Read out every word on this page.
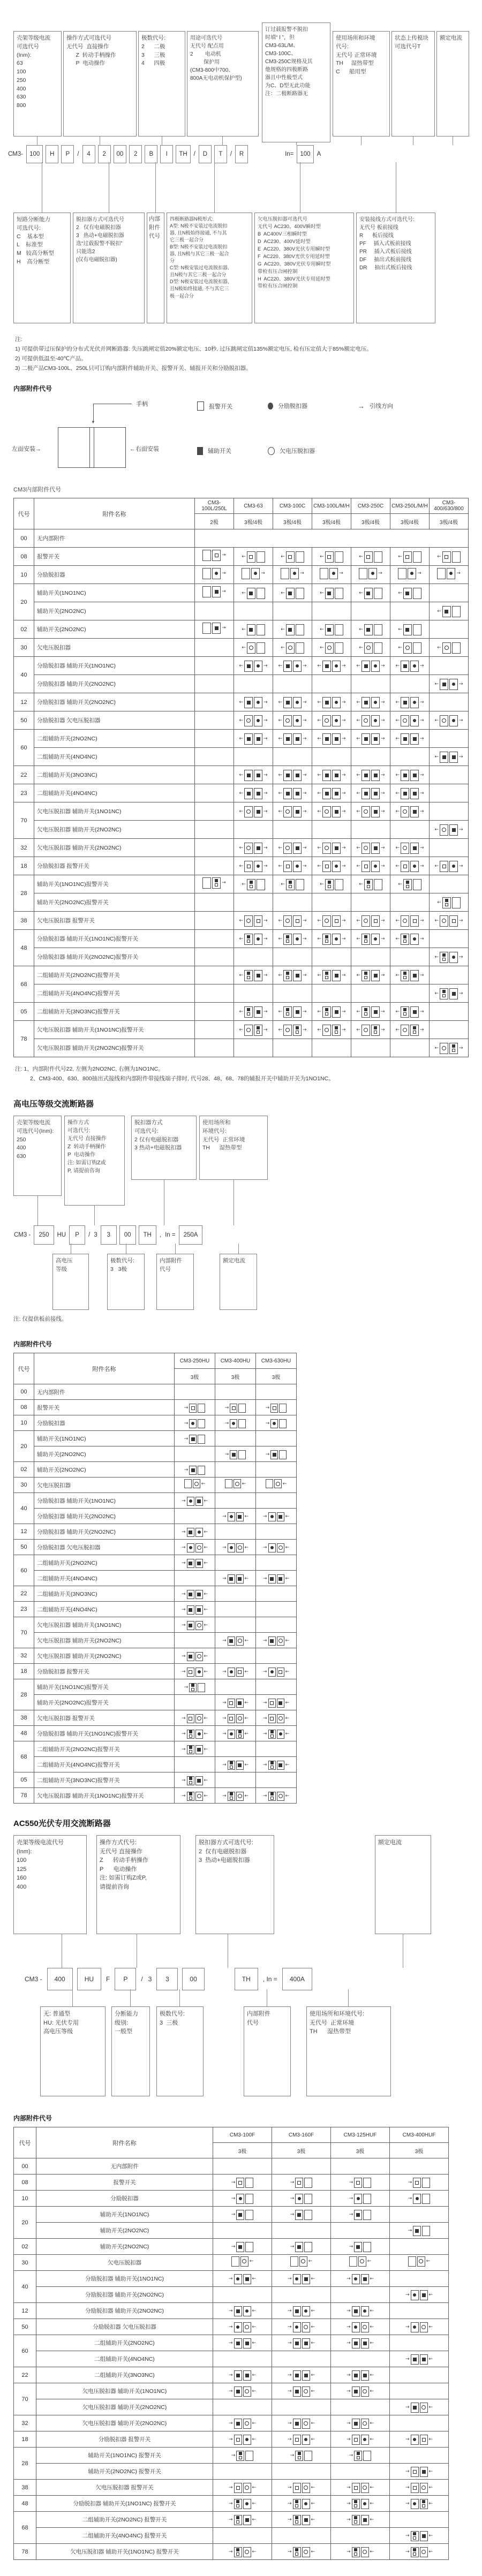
壳架等级电流
可选代号
(Inm):
63
100
250
400
630
800
操作方式可选代号
无代号  直接操作
Z  转动手柄操作
P  电动操作
极数代号:
2      二极
3      三极
4      四极
用途可选代号
无代号 配点用
2        电动机
保护用
(CM3-800中700、
800A无电动机保护型)
订过载报警不脱扣
时填“ I ”，但
CM3-63L/M、
CM3-100C、
CM3-250C规格及其
他规格的四极断路
器且中性极型式
为C、D型无此功能
注：二极断路器无
使用场所和环境
代号:
无代号 正常环境
TH     湿热带型
C      船用型
状态上传模块
可选代号T
额定电流
CM3-	100	H	P	/	4	2	00	2	B	I	TH	/	D	T	/	R	In=	100	A
短路分断能力
可选代号:
C    基本型
L    标准型
M   较高分断型
H    高分断型
脱扣器方式可选代号
2   仅有电磁脱扣器
3   热动+电磁脱扣器
选“过载报警不脱扣”
只能选2
(仅有电磁脱扣器)
内部
附件
代号
四极断路器N极形式:
A型: N极不安装过电流脱扣
器, 且N极始终接通, 不与其
它三极一起合分
B型: N极不安装过电流脱扣
器, 且N极与其它三极一起合
分
C型: N极安装过电流脱扣器,
且N极与其它三极一起合分
D型: N极安装过电流脱扣器,
且N极始终接通, 不与其它三
极一起合分
欠电压脱扣器可选代号
无代号 AC230、400V瞬时型
B  AC400V三相瞬时型
D  AC230、400V延时型
E  AC220、380V光伏专用瞬时型
F  AC220、380V光伏专用延时型
G  AC220、380V光伏专用瞬时型
带检有压合闸控制
H  AC220、380V光伏专用延时型
带检有压合闸控制
安装接线方式可选代号:
无代号 板前接线
R      板后接线
PF     插入式板前接线
PR     插入式板后接线
DF     抽出式板前接线
DR     抽出式板后接线
注:
1) 可提供带过压保护的分布式光伏并网断路器: 失压跳闸定值20%额定电压、10秒, 过压跳闸定值135%额定电压, 检有压定值大于85%额定电压。
2) 可提供低温至-40℃产品。
3) 二极产品CM3-100L、250L只可订购内部附件辅助开关、报警开关、辅报开关和分励脱扣器。
内部附件代号
手柄
▼
左面安装→	←右面安装
报警开关	分励脱扣器	→ 引线方向
辅助开关	欠电压脱扣器
CM3内部附件代号
代号	附件名称	CM3-100L/250L	CM3-63	CM3-100C	CM3-100L/M/H	CM3-250C	CM3-250L/M/H	CM3-400/630/800
		2极	3极/4极	3极/4极	3极/4极	3极/4极	3极/4极	3极/4极
00	无内部附件							
08	报警开关	→	←	←	←	←	←	←

10	分励脱扣器	→	→	→	→	→	→	→

20	辅助开关(1NO1NC)	→	←	←	←	←	←	

	辅助开关(2NO2NC)							←

02	辅助开关(2NO2NC)	→	←	←	←	←	←	

30	欠电压脱扣器		←	←	←	←	←	←

40	分励脱扣器 辅助开关(1NO1NC)		← →	← →	← →	← →	← →	

	分励脱扣器 辅助开关(2NO2NC)							← →

12	分励脱扣器 辅助开关(2NO2NC)		← →	← →	← →	← →	← →	

50	分励脱扣器 欠电压脱扣器		← →	← →	← →	← →	← →	← →

60	二组辅助开关(2NO2NC)		← →	← →	← →	← →	← →	

	二组辅助开关(4NO4NC)							← →

22	二组辅助开关(3NO3NC)		← →	← →	← →	← →	← →	

23	二组辅助开关(4NO4NC)		← →	← →	← →	← →	← →	

70	欠电压脱扣器 辅助开关(1NO1NC)		← →	← →	← →	← →	← →	

	欠电压脱扣器 辅助开关(2NO2NC)							← →

32	欠电压脱扣器 辅助开关(2NO2NC)		← →	← →	← →	← →	← →	

18	分励脱扣器 报警开关		← →	← →	← →	← →	← →	← →

28	辅助开关(1NO1NC)报警开关	→	←	←	←	←	←	

	辅助开关(2NO2NC)报警开关							←

38	欠电压脱扣器 报警开关		← →	← →	← →	← →	← →	← →

48	分励脱扣器 辅助开关(1NO1NC)报警开关		← →	← →	← →	← →	← →	

	分励脱扣器 辅助开关(2NO2NC)报警开关							← →

68	二组辅助开关(2NO2NC)报警开关		← →	← →	← →	← →	← →	

	二组辅助开关(4NO4NC)报警开关							← →

05	二组辅助开关(3NO3NC)报警开关		← →	← →	← →	← →	← →	

78	欠电压脱扣器 辅助开关(1NO1NC)报警开关		← →	← →	← →	← →	← →	

	欠电压脱扣器 辅助开关(2NO2NC)报警开关							← →
注: 1、内部附件代号22, 左侧为2NO2NC, 右侧为1NO1NC。
2、CM3-400、630、800抽出式接线和内部附件带接线端子排时, 代号28、48、68、78的辅报开关中辅助开关为1NO1NC。
高电压等级交流断路器
壳架等级电流
可选代号(Inm):
250
400
630
操作方式
可选代号:
无代号 直接操作
Z  转动手柄操作
P  电动操作
注: 如需订购Z或
P, 请提前咨询
脱扣器方式
可选代号:
2 仅有电磁脱扣器
3 热动+电磁脱扣器
使用场所和
环境代号:
无代号  正常环境
TH      湿热带型
CM3 -	250	HU	P	/ 3	3	00	TH	, In =	250A
高电压
等级
极数代号:
3   3极
内部附件
代号
额定电流
注: 仅提供板前接线。
内部附件代号
代号	附件名称	CM3-250HU	CM3-400HU	CM3-630HU
		3极	3极	3极
00	无内部附件			
08	报警开关	→	→	→

10	分励脱扣器	→	→	→

20	辅助开关(1NO1NC)	→		

	辅助开关(2NO2NC)		→	→

02	辅助开关(2NO2NC)	→		

30	欠电压脱扣器	←	←	←

40	分励脱扣器 辅助开关(1NO1NC)	→ ←		

	分励脱扣器 辅助开关(2NO2NC)		→ ←	→ ←

12	分励脱扣器 辅助开关(2NO2NC)	→ ←		

50	分励脱扣器 欠电压脱扣器	→ ←	→ ←	→ ←

60	二组辅助开关(2NO2NC)	→ ←		

	二组辅助开关(4NO4NC)		→ ←	→ ←

22	二组辅助开关(3NO3NC)	→ ←		

23	二组辅助开关(4NO4NC)	→ ←		

70	欠电压脱扣器 辅助开关(1NO1NC)	→ ←		

	欠电压脱扣器 辅助开关(2NO2NC)		→ ←	→ ←

32	欠电压脱扣器 辅助开关(2NO2NC)	→ ←		

18	分励脱扣器 报警开关	→ ←	→ ←	→ ←

28	辅助开关(1NO1NC)报警开关	→		

	辅助开关(2NO2NC)报警开关		→ ←	→ ←

38	欠电压脱扣器 报警开关	→ ←	→ ←	→ ←

48	分励脱扣器 辅助开关(1NO1NC)报警开关	→ ←	→ ←	→ ←

68	二组辅助开关(2NO2NC)报警开关	→ ←		

	二组辅助开关(4NO4NC)报警开关		→ ←	→ ←

05	二组辅助开关(3NO3NC)报警开关	→ ←		

78	欠电压脱扣器 辅助开关(1NO1NC)报警开关	→ ←	→ ←	→ ←
AC550光伏专用交流断路器
壳架等级电流代号
(Inm):
100
125
160
400
操作方式代号:
无代号 直接操作
Z      转动手柄操作
P      电动操作
注: 如需订购Z或P,
请提前咨询
脱扣器方式可选代号:
2  仅有电磁脱扣器
3  热动+电磁脱扣器
额定电流
CM3 -	400	HU	F	P	/ 3	3	00	TH	, In =	400A
无: 普通型
HU: 光伏专用
高电压等级
分断能力
级别:
一般型
极数代号:
3  三极
内部附件
代号
使用场所和环境代号:
无代号  正常环境
TH      湿热带型
内部附件代号
代号	附件名称	CM3-100F	CM3-160F	CM3-125HUF	CM3-400HUF
		3极	3极	3极	3极
00	无内部附件				
08	报警开关	→	→	→	→

10	分励脱扣器	→	→	→	→

20	辅助开关(1NO1NC)	→	→	→	

	辅助开关(2NO2NC)				→

02	辅助开关(2NO2NC)	→	→	→	

30	欠电压脱扣器	←	←	←	←

40	分励脱扣器 辅助开关(1NO1NC)	→ ←	→ ←	→ ←	

	分励脱扣器 辅助开关(2NO2NC)				→ ←

12	分励脱扣器 辅助开关(2NO2NC)	→ ←	→ ←	→ ←	

50	分励脱扣器 欠电压脱扣器	→ ←	→ ←	→ ←	→ ←

60	二组辅助开关(2NO2NC)	→ ←	→ ←	→ ←	

	二组辅助开关(4NO4NC)				→ ←

22	二组辅助开关(3NO3NC)	→ ←	→ ←	→ ←	

70	欠电压脱扣器 辅助开关(1NO1NC)	→ ←	→ ←	→ ←	

	欠电压脱扣器 辅助开关(2NO2NC)				→ ←

32	欠电压脱扣器 辅助开关(2NO2NC)	→ ←	→ ←	→ ←	

18	分励脱扣器 报警开关	→ ←	→ ←	→ ←	→ ←

28	辅助开关(1NO1NC) 报警开关	→	→	→	

	辅助开关(2NO2NC) 报警开关				→ ←

38	欠电压脱扣器 报警开关	→ ←	→ ←	→ ←	→ ←

48	分励脱扣器 辅助开关(1NO1NC) 报警开关	→ ←	→ ←	→ ←	→ ←

68	二组辅助开关(2NO2NC) 报警开关	→ ←	→ ←	→ ←	

	二组辅助开关(4NO4NC) 报警开关				→ ←

78	欠电压脱扣器 辅助开关(1NO1NC) 报警开关	→ ←	→ ←	→ ←	→ ←
